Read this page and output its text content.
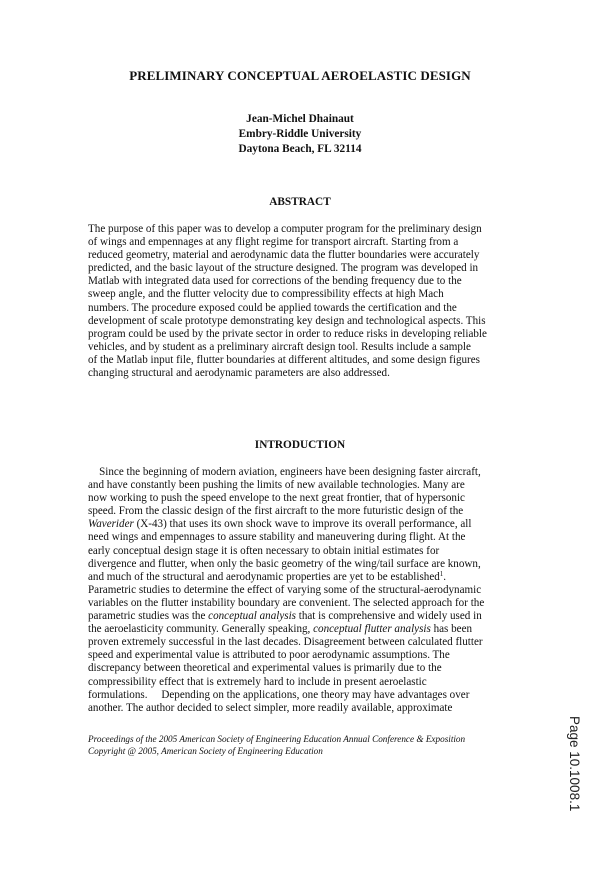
PRELIMINARY CONCEPTUAL AEROELASTIC DESIGN
Jean-Michel Dhainaut
Embry-Riddle University
Daytona Beach, FL 32114
ABSTRACT
The purpose of this paper was to develop a computer program for the preliminary design
of wings and empennages at any flight regime for transport aircraft. Starting from a
reduced geometry, material and aerodynamic data the flutter boundaries were accurately
predicted, and the basic layout of the structure designed. The program was developed in
Matlab with integrated data used for corrections of the bending frequency due to the
sweep angle, and the flutter velocity due to compressibility effects at high Mach
numbers. The procedure exposed could be applied towards the certification and the
development of scale prototype demonstrating key design and technological aspects. This
program could be used by the private sector in order to reduce risks in developing reliable
vehicles, and by student as a preliminary aircraft design tool. Results include a sample
of the Matlab input file, flutter boundaries at different altitudes, and some design figures
changing structural and aerodynamic parameters are also addressed.
INTRODUCTION
Since the beginning of modern aviation, engineers have been designing faster aircraft,
and have constantly been pushing the limits of new available technologies. Many are
now working to push the speed envelope to the next great frontier, that of hypersonic
speed. From the classic design of the first aircraft to the more futuristic design of the
Waverider (X-43) that uses its own shock wave to improve its overall performance, all
need wings and empennages to assure stability and maneuvering during flight. At the
early conceptual design stage it is often necessary to obtain initial estimates for
divergence and flutter, when only the basic geometry of the wing/tail surface are known,
and much of the structural and aerodynamic properties are yet to be established$^1$.
Parametric studies to determine the effect of varying some of the structural-aerodynamic
variables on the flutter instability boundary are convenient. The selected approach for the
parametric studies was the conceptual analysis that is comprehensive and widely used in
the aeroelasticity community. Generally speaking, conceptual flutter analysis has been
proven extremely successful in the last decades. Disagreement between calculated flutter
speed and experimental value is attributed to poor aerodynamic assumptions. The
discrepancy between theoretical and experimental values is primarily due to the
compressibility effect that is extremely hard to include in present aeroelastic
formulations.     Depending on the applications, one theory may have advantages over
another. The author decided to select simpler, more readily available, approximate
Proceedings of the 2005 American Society of Engineering Education Annual Conference & Exposition
Copyright @ 2005, American Society of Engineering Education	Page 10.1008.1
